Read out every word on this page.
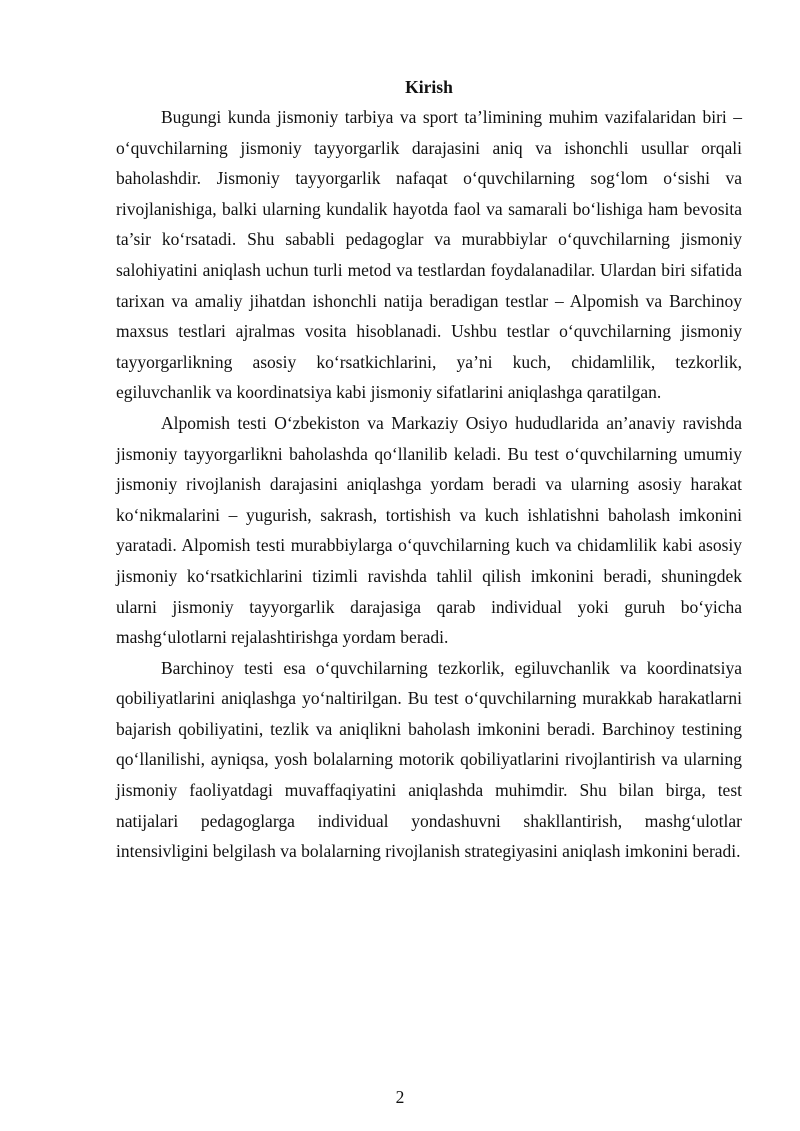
Kirish

Bugungi kunda jismoniy tarbiya va sport ta’limining muhim vazifalaridan biri – o‘quvchilarning jismoniy tayyorgarlik darajasini aniq va ishonchli usullar orqali baholashdir. Jismoniy tayyorgarlik nafaqat o‘quvchilarning sog‘lom o‘sishi va rivojlanishiga, balki ularning kundalik hayotda faol va samarali bo‘lishiga ham bevosita ta’sir ko‘rsatadi. Shu sababli pedagoglar va murabbiylar o‘quvchilarning jismoniy salohiyatini aniqlash uchun turli metod va testlardan foydalanadilar. Ulardan biri sifatida tarixan va amaliy jihatdan ishonchli natija beradigan testlar – Alpomish va Barchinoy maxsus testlari ajralmas vosita hisoblanadi. Ushbu testlar o‘quvchilarning jismoniy tayyorgarlikning asosiy ko‘rsatkichlarini, ya’ni kuch, chidamlilik, tezkorlik, egiluvchanlik va koordinatsiya kabi jismoniy sifatlarini aniqlashga qaratilgan.

Alpomish testi O‘zbekiston va Markaziy Osiyo hududlarida an’anaviy ravishda jismoniy tayyorgarlikni baholashda qo‘llanilib keladi. Bu test o‘quvchilarning umumiy jismoniy rivojlanish darajasini aniqlashga yordam beradi va ularning asosiy harakat ko‘nikmalarini – yugurish, sakrash, tortishish va kuch ishlatishni baholash imkonini yaratadi. Alpomish testi murabbiylarga o‘quvchilarning kuch va chidamlilik kabi asosiy jismoniy ko‘rsatkichlarini tizimli ravishda tahlil qilish imkonini beradi, shuningdek ularni jismoniy tayyorgarlik darajasiga qarab individual yoki guruh bo‘yicha mashg‘ulotlarni rejalashtirishga yordam beradi.

Barchinoy testi esa o‘quvchilarning tezkorlik, egiluvchanlik va koordinatsiya qobiliyatlarini aniqlashga yo‘naltirilgan. Bu test o‘quvchilarning murakkab harakatlarni bajarish qobiliyatini, tezlik va aniqlikni baholash imkonini beradi. Barchinoy testining qo‘llanilishi, ayniqsa, yosh bolalarning motorik qobiliyatlarini rivojlantirish va ularning jismoniy faoliyatdagi muvaffaqiyatini aniqlashda muhimdir. Shu bilan birga, test natijalari pedagoglarga individual yondashuvni shakllantirish, mashg‘ulotlar intensivligini belgilash va bolalarning rivojlanish strategiyasini aniqlash imkonini beradi.

2
